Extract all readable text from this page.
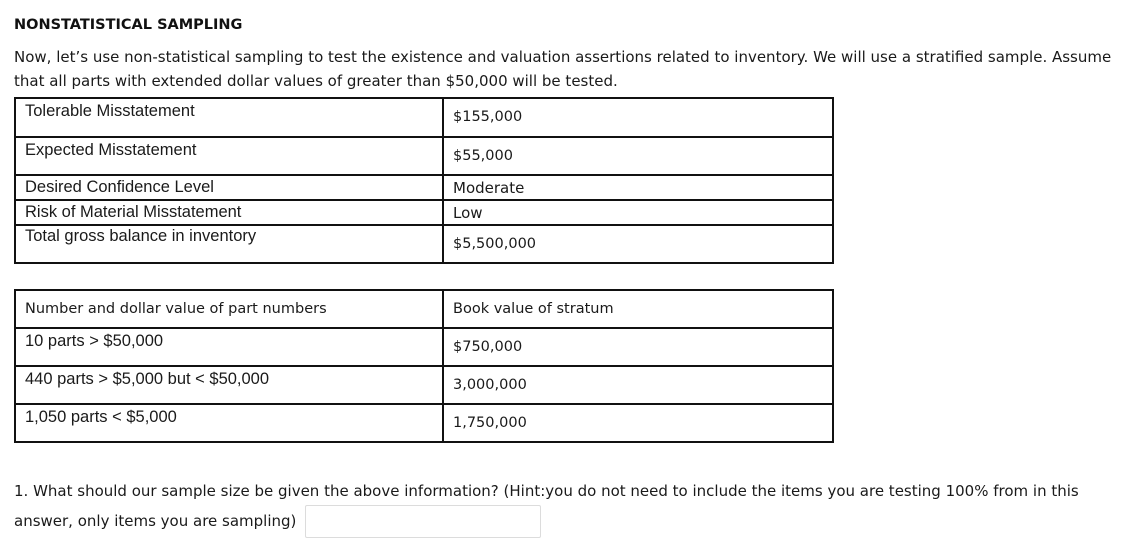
NONSTATISTICAL SAMPLING
Now, let’s use non-statistical sampling to test the existence and valuation assertions related to inventory. We will use a stratified sample. Assume that all parts with extended dollar values of greater than $50,000 will be tested.
Tolerable Misstatement	$155,000
Expected Misstatement	$55,000
Desired Confidence Level	Moderate
Risk of Material Misstatement	Low
Total gross balance in inventory	$5,500,000
Number and dollar value of part numbers	Book value of stratum
10 parts > $50,000	$750,000
440 parts > $5,000 but < $50,000	3,000,000
1,050 parts < $5,000	1,750,000
1. What should our sample size be given the above information? (Hint:you do not need to include the items you are testing 100% from in this answer, only items you are sampling)
